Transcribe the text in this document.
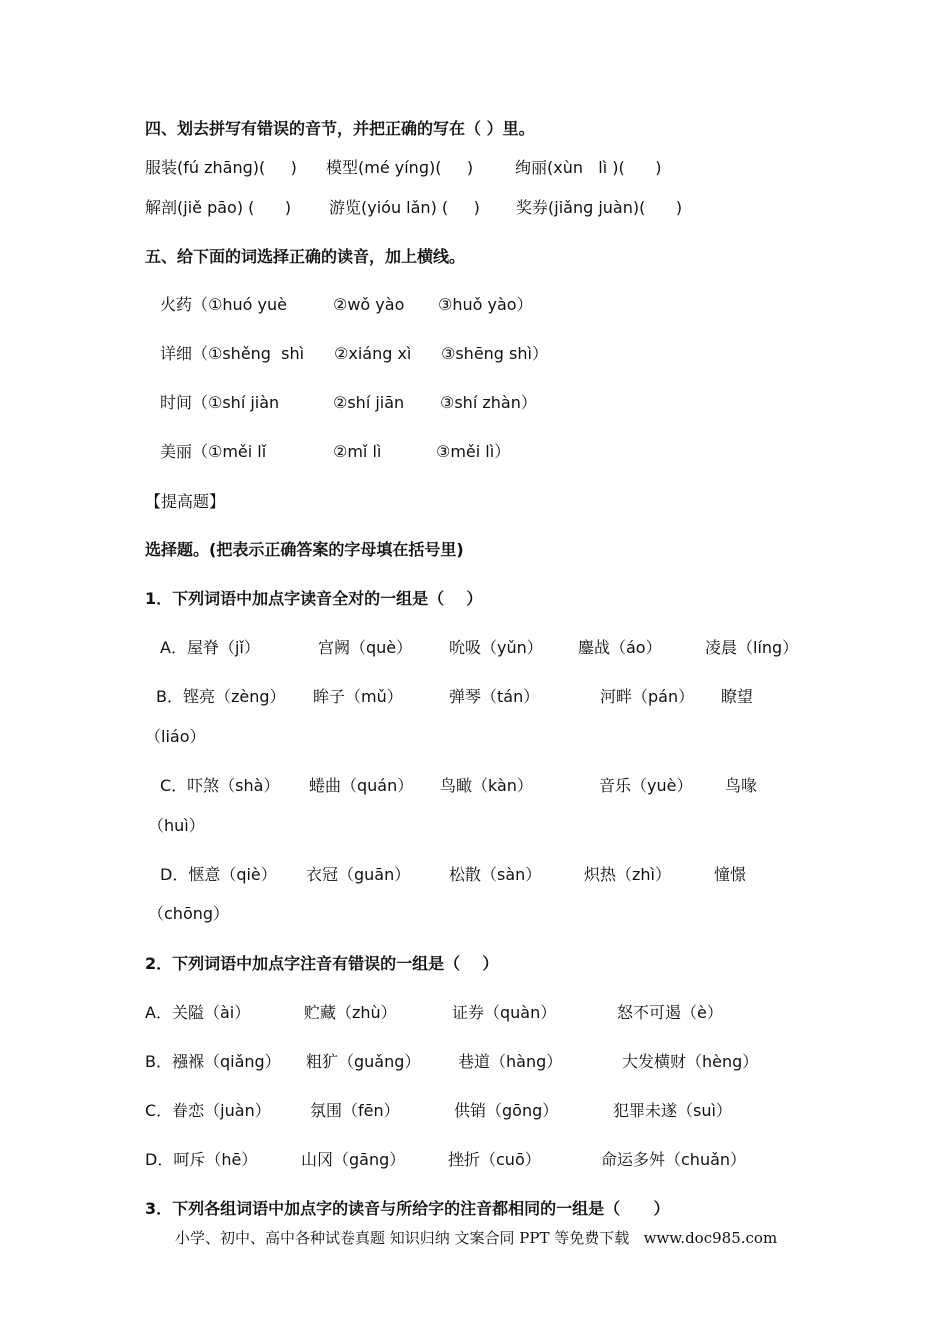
四、划去拼写有错误的音节，并把正确的写在（ ）里。
服装(fú zhānɡ)(     ) 模型(mé yínɡ)(     )	绚丽(xùn   lì )(      )
解剖(jiě pāo) (      ) 游览(yióu lǎn) (     ) 奖券(jiǎnɡ juàn)(      )
五、给下面的词选择正确的读音，加上横线。
火药（①huó yuè	②wǒ yào ③huǒ yào）
详细（①shěng  shì ②xiáng xì ③shēng shì）
时间（①shí jiàn	②shí jiān ③shí zhàn）
美丽（①měi lǐ	②mǐ lì	③měi lì）
【提高题】
选择题。(把表示正确答案的字母填在括号里)
1．下列词语中加点字读音全对的一组是（    ）
A．屋脊（jǐ）	宫阙（què） 吮吸（yǔn） 鏖战（áo）	凌晨（líng）
B．铿亮（zèng） 眸子（mǔ）	弹琴（tán）	河畔（pán） 瞭望
（liáo）
C．吓煞（shà） 蜷曲（quán） 鸟瞰（kàn）	音乐（yuè） 鸟喙
（huì）
D．惬意（qiè） 衣冠（guān） 松散（sàn）	炽热（zhì）	憧憬
（chōng）
2．下列词语中加点字注音有错误的一组是（    ）
A．关隘（ài）	贮藏（zhù）	证券（quàn）	怒不可遏（è）
B．襁褓（qiǎng） 粗犷（guǎng） 巷道（hàng）	大发横财（hèng）
C．眷恋（juàn） 氛围（fēn）	供销（gōng）	犯罪未遂（suì）
D．呵斥（hē）	山冈（gāng）	挫折（cuō）	命运多舛（chuǎn）
3．下列各组词语中加点字的读音与所给字的注音都相同的一组是（      ）
小学、初中、高中各种试卷真题 知识归纳 文案合同 PPT 等免费下载   www.doc985.com
